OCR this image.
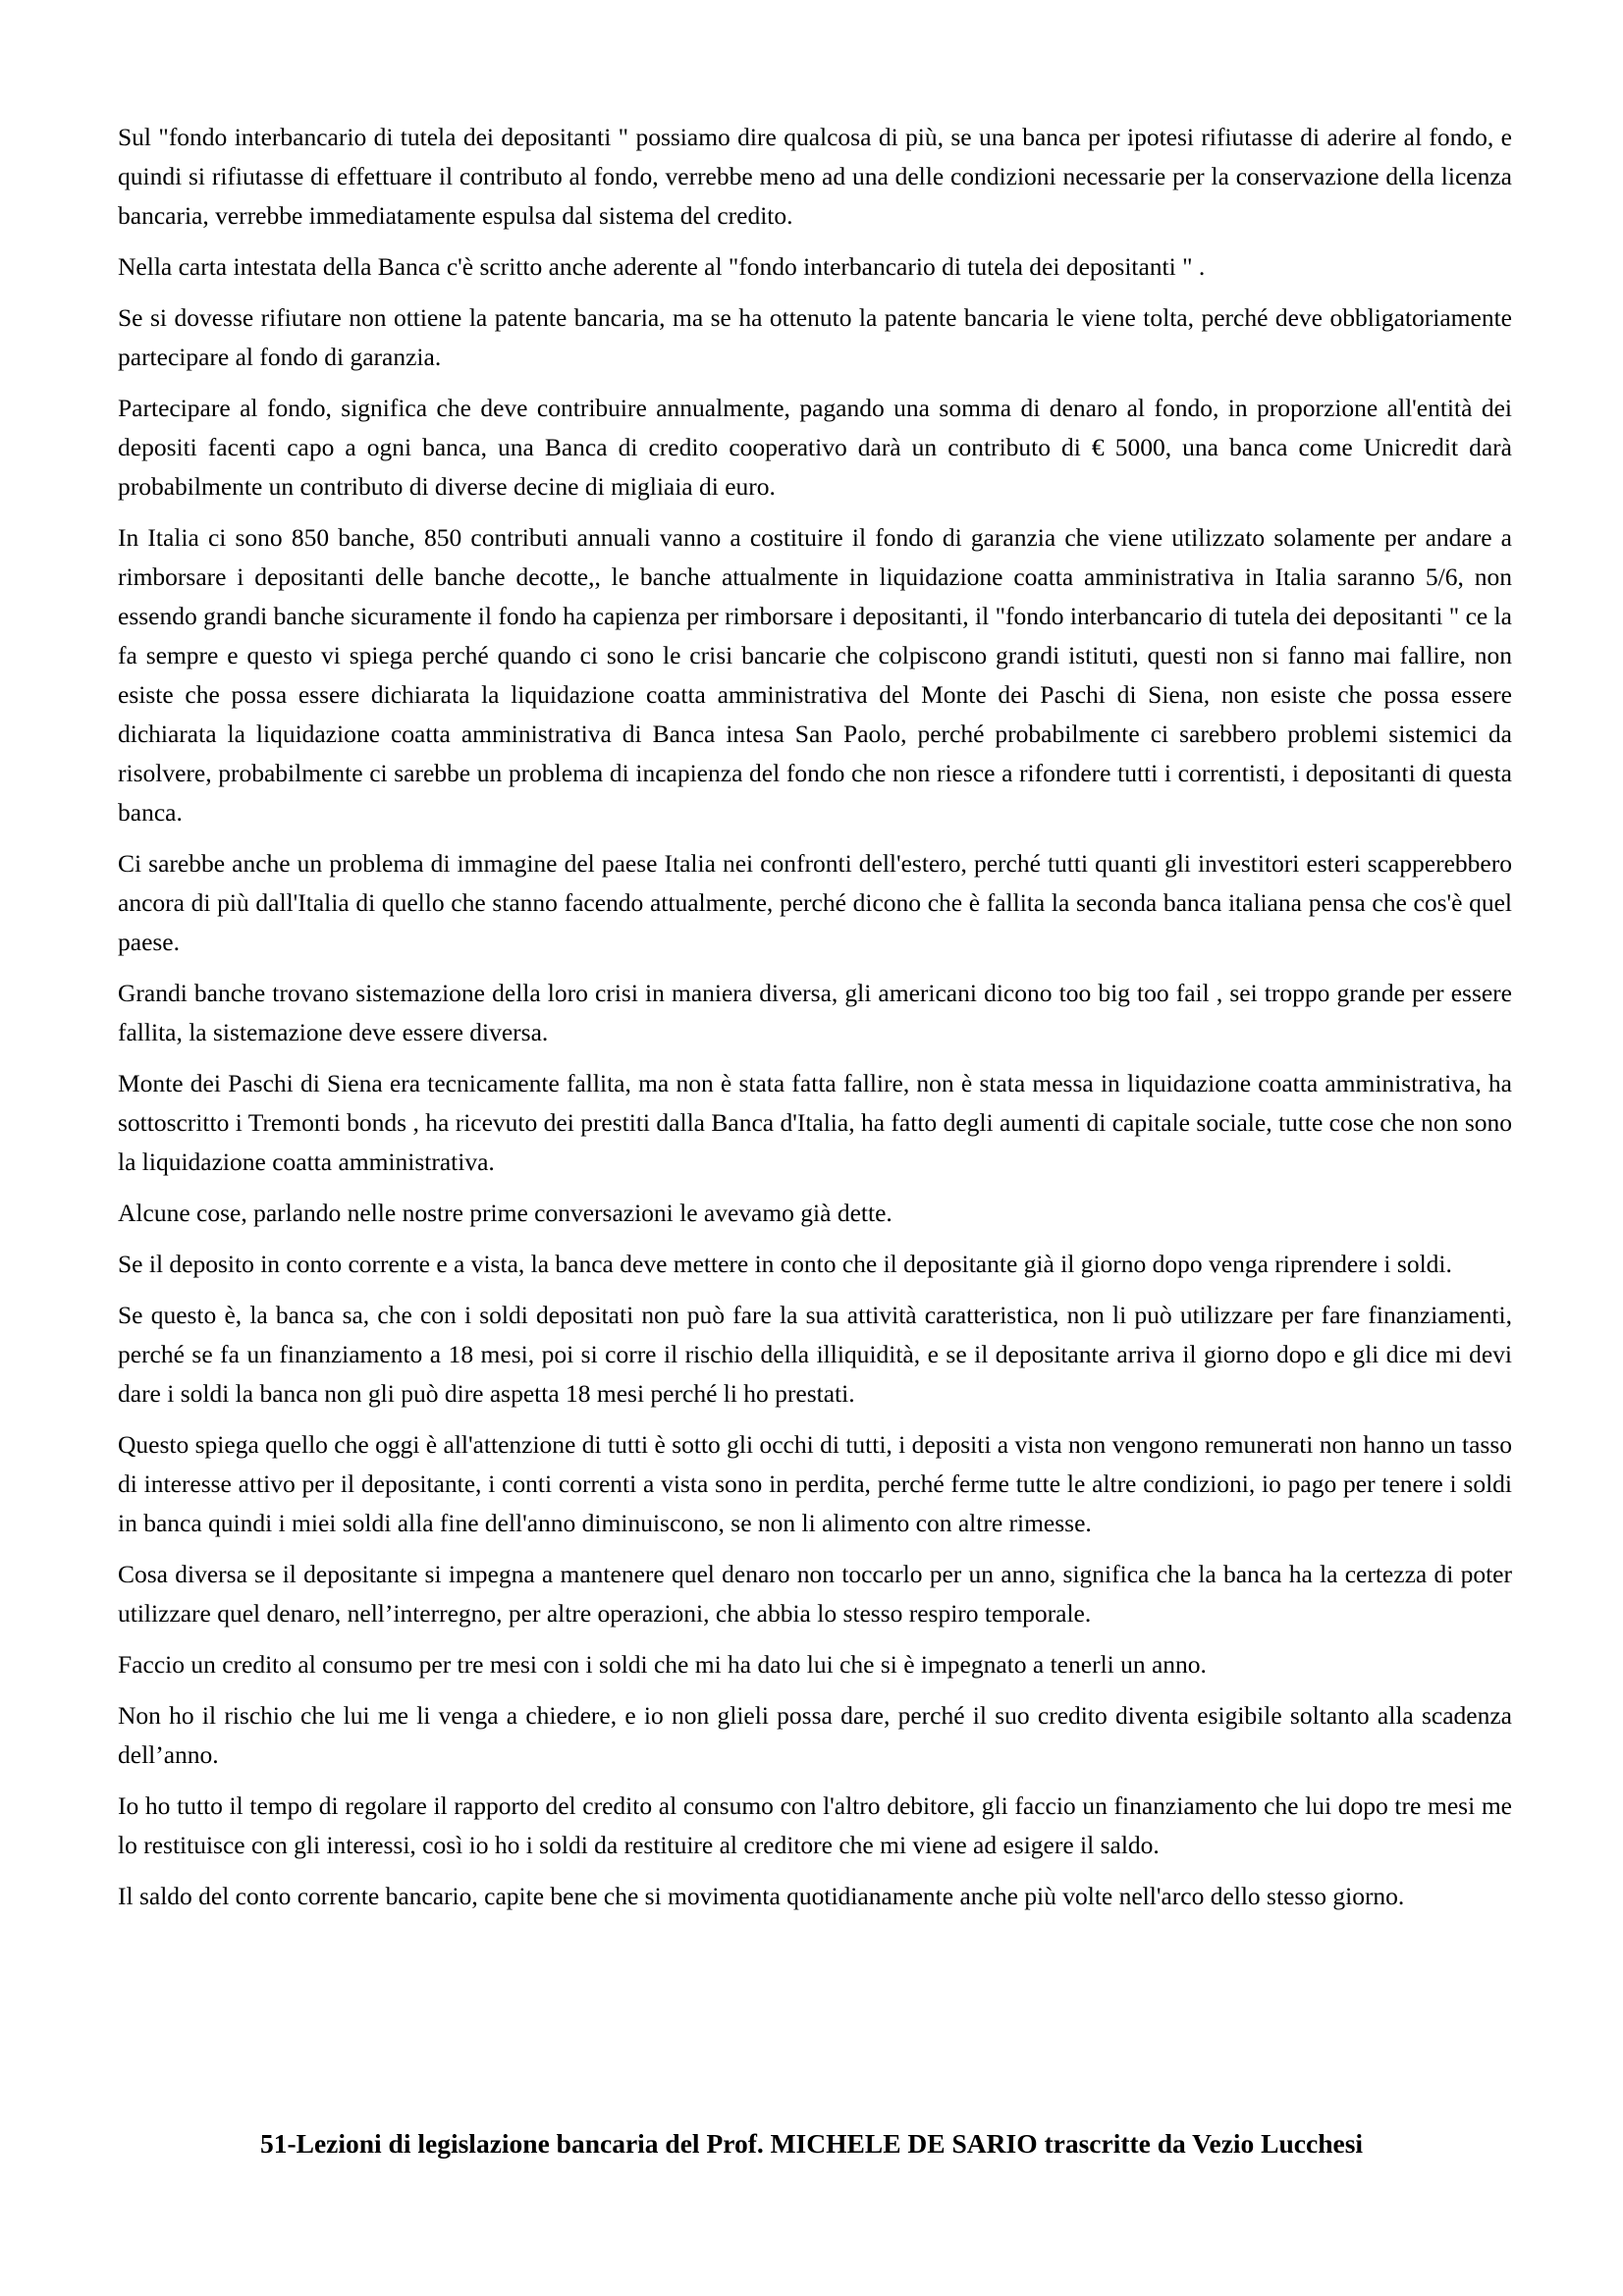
Sul "fondo interbancario di tutela dei depositanti " possiamo dire qualcosa di più, se una banca per ipotesi rifiutasse di aderire al fondo, e quindi si rifiutasse di effettuare il contributo al fondo, verrebbe meno ad una delle condizioni necessarie per la conservazione della licenza bancaria, verrebbe immediatamente espulsa dal sistema del credito.

Nella carta intestata della Banca c'è scritto anche aderente al "fondo interbancario di tutela dei depositanti " .

Se si dovesse rifiutare non ottiene la patente bancaria, ma se ha ottenuto la patente bancaria le viene tolta, perché deve obbligatoriamente partecipare al fondo di garanzia.

Partecipare al fondo, significa che deve contribuire annualmente, pagando una somma di denaro al fondo, in proporzione all'entità dei depositi facenti capo a ogni banca, una Banca di credito cooperativo darà un contributo di € 5000, una banca come Unicredit darà probabilmente un contributo di diverse decine di migliaia di euro.

In Italia ci sono 850 banche, 850 contributi annuali vanno a costituire il fondo di garanzia che viene utilizzato solamente per andare a rimborsare i depositanti delle banche decotte,, le banche attualmente in liquidazione coatta amministrativa in Italia saranno 5/6, non essendo grandi banche sicuramente il fondo ha capienza per rimborsare i depositanti, il "fondo interbancario di tutela dei depositanti " ce la fa sempre e questo vi spiega perché quando ci sono le crisi bancarie che colpiscono grandi istituti, questi non si fanno mai fallire, non esiste che possa essere dichiarata la liquidazione coatta amministrativa del Monte dei Paschi di Siena, non esiste che possa essere dichiarata la liquidazione coatta amministrativa di Banca intesa San Paolo, perché probabilmente ci sarebbero problemi sistemici da risolvere, probabilmente ci sarebbe un problema di incapienza del fondo che non riesce a rifondere tutti i correntisti, i depositanti di questa banca.

Ci sarebbe anche un problema di immagine del paese Italia nei confronti dell'estero, perché tutti quanti gli investitori esteri scapperebbero ancora di più dall'Italia di quello che stanno facendo attualmente, perché dicono che è fallita la seconda banca italiana pensa che cos'è quel paese.

Grandi banche trovano sistemazione della loro crisi in maniera diversa, gli americani dicono too big too fail , sei troppo grande per essere fallita, la sistemazione deve essere diversa.

Monte dei Paschi di Siena era tecnicamente fallita, ma non è stata fatta fallire, non è stata messa in liquidazione coatta amministrativa, ha sottoscritto i Tremonti bonds , ha ricevuto dei prestiti dalla Banca d'Italia, ha fatto degli aumenti di capitale sociale, tutte cose che non sono la liquidazione coatta amministrativa.

Alcune cose, parlando nelle nostre prime conversazioni le avevamo già dette.

Se il deposito in conto corrente e a vista, la banca deve mettere in conto che il depositante già il giorno dopo venga riprendere i soldi.

Se questo è, la banca sa, che con i soldi depositati non può fare la sua attività caratteristica, non li può utilizzare per fare finanziamenti, perché se fa un finanziamento a 18 mesi, poi si corre il rischio della illiquidità, e se il depositante arriva il giorno dopo e gli dice mi devi dare i soldi la banca non gli può dire aspetta 18 mesi perché li ho prestati.

Questo spiega quello che oggi è all'attenzione di tutti è sotto gli occhi di tutti, i depositi a vista non vengono remunerati non hanno un tasso di interesse attivo per il depositante, i conti correnti a vista sono in perdita, perché ferme tutte le altre condizioni, io pago per tenere i soldi in banca quindi i miei soldi alla fine dell'anno diminuiscono, se non li alimento con altre rimesse.

Cosa diversa se il depositante si impegna a mantenere quel denaro non toccarlo per un anno, significa che la banca ha la certezza di poter utilizzare quel denaro, nell’interregno, per altre operazioni, che abbia lo stesso respiro temporale.

Faccio un credito al consumo per tre mesi con i soldi che mi ha dato lui che si è impegnato a tenerli un anno.

Non ho il rischio che lui me li venga a chiedere, e io non glieli possa dare, perché il suo credito diventa esigibile soltanto alla scadenza dell’anno.

Io ho tutto il tempo di regolare il rapporto del credito al consumo con l'altro debitore, gli faccio un finanziamento che lui dopo tre mesi me lo restituisce con gli interessi, così io ho i soldi da restituire al creditore che mi viene ad esigere il saldo.

Il saldo del conto corrente bancario, capite bene che si movimenta quotidianamente anche più volte nell'arco dello stesso giorno.

51-Lezioni di legislazione bancaria del Prof. MICHELE DE SARIO trascritte da Vezio Lucchesi
